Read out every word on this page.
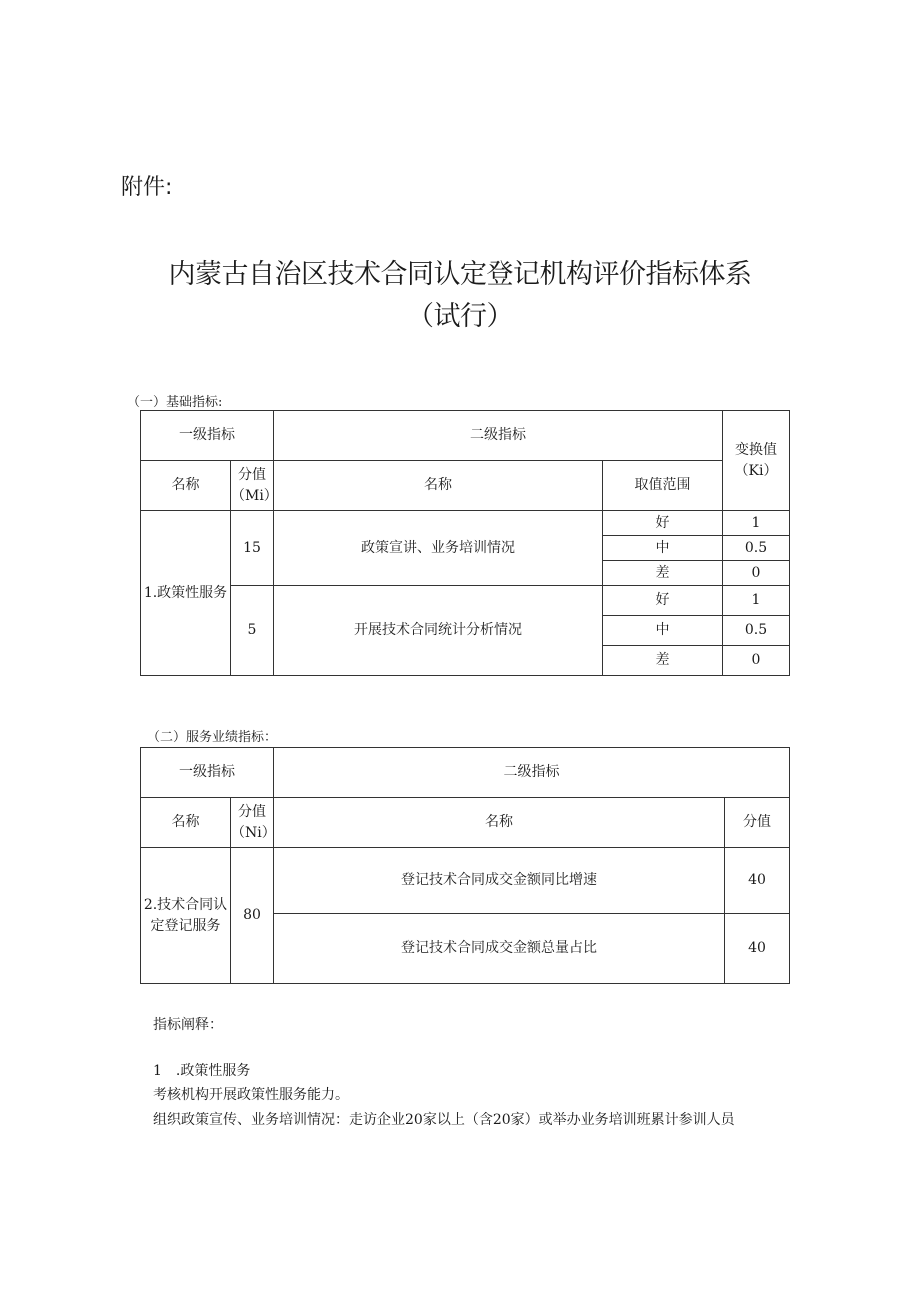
附件:
内蒙古自治区技术合同认定登记机构评价指标体系
（试行）
（一）基础指标:
一级指标		二级指标		变换值（Ki）
名称	分值（Mi）	名称	取值范围	
1.政策性服务	15	政策宣讲、业务培训情况	好	1
			中	0.5
			差	0
	5	开展技术合同统计分析情况	好	1
			中	0.5
			差	0
（二）服务业绩指标：
一级指标		二级指标	
名称	分值（Ni）	名称	分值
2.技术合同认定登记服务	80	登记技术合同成交金额同比增速	40
		登记技术合同成交金额总量占比	40
指标阐释：
1　.政策性服务
考核机构开展政策性服务能力。
组织政策宣传、业务培训情况：走访企业20家以上（含20家）或举办业务培训班累计参训人员
